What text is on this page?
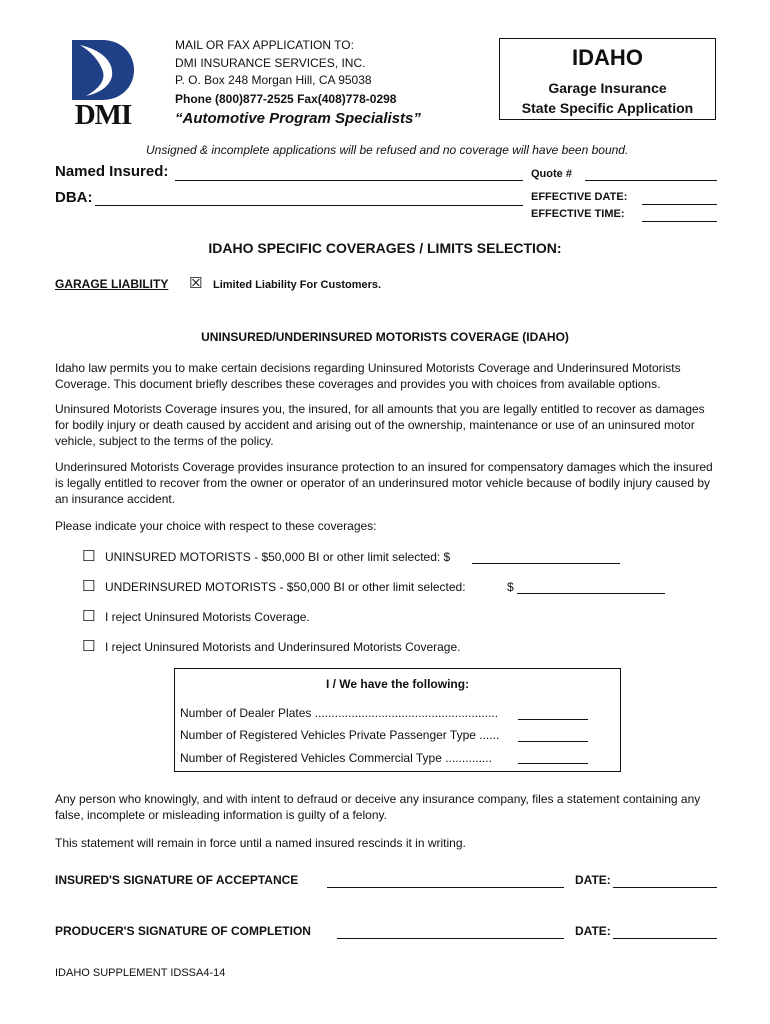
DMI
MAIL OR FAX APPLICATION TO:
DMI INSURANCE SERVICES, INC.
P. O. Box 248 Morgan Hill, CA 95038
Phone (800)877-2525 Fax(408)778-0298
“Automotive Program Specialists”
IDAHO
Garage Insurance
State Specific Application
Unsigned & incomplete applications will be refused and no coverage will have been bound.
Named Insured:
DBA:
Quote #
EFFECTIVE DATE:
EFFECTIVE TIME:
IDAHO SPECIFIC COVERAGES / LIMITS SELECTION:
GARAGE LIABILITY ☒ Limited Liability For Customers.
UNINSURED/UNDERINSURED MOTORISTS COVERAGE (IDAHO)
Idaho law permits you to make certain decisions regarding Uninsured Motorists Coverage and Underinsured Motorists Coverage. This document briefly describes these coverages and provides you with choices from available options.
Uninsured Motorists Coverage insures you, the insured, for all amounts that you are legally entitled to recover as damages for bodily injury or death caused by accident and arising out of the ownership, maintenance or use of an uninsured motor vehicle, subject to the terms of the policy.
Underinsured Motorists Coverage provides insurance protection to an insured for compensatory damages which the insured is legally entitled to recover from the owner or operator of an underinsured motor vehicle because of bodily injury caused by an insurance accident.
Please indicate your choice with respect to these coverages:
☐ UNINSURED MOTORISTS - $50,000 BI or other limit selected: $
☐ UNDERINSURED MOTORISTS - $50,000 BI or other limit selected:	$
☐ I reject Uninsured Motorists Coverage.
☐ I reject Uninsured Motorists and Underinsured Motorists Coverage.
I / We have the following:
Number of Dealer Plates .......................................................
Number of Registered Vehicles Private Passenger Type ......
Number of Registered Vehicles Commercial Type ..............
Any person who knowingly, and with intent to defraud or deceive any insurance company, files a statement containing any false, incomplete or misleading information is guilty of a felony.
This statement will remain in force until a named insured rescinds it in writing.
INSURED'S SIGNATURE OF ACCEPTANCE	DATE:
PRODUCER'S SIGNATURE OF COMPLETION	DATE:
IDAHO SUPPLEMENT IDSSA4-14
